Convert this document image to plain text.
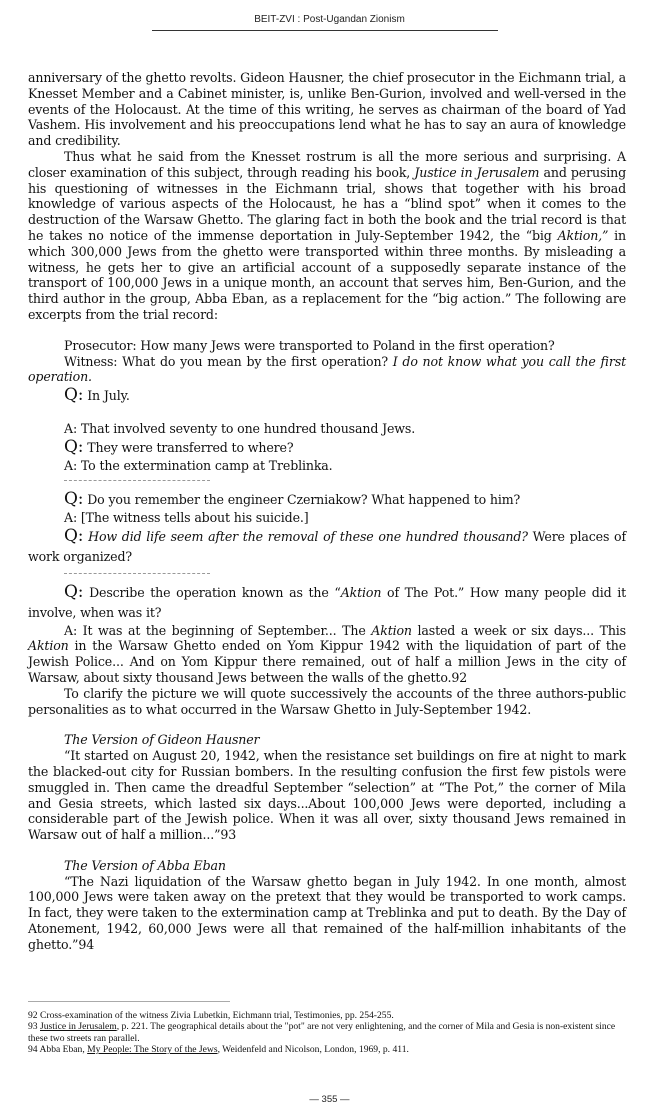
BEIT-ZVI : Post-Ugandan Zionism

anniversary of the ghetto revolts. Gideon Hausner, the chief prosecutor in the Eichmann trial, a Knesset Member and a Cabinet minister, is, unlike Ben-Gurion, involved and well-versed in the events of the Holocaust. At the time of this writing, he serves as chairman of the board of Yad Vashem. His involvement and his preoccupations lend what he has to say an aura of knowledge and credibility.

Thus what he said from the Knesset rostrum is all the more serious and surprising. A closer examination of this subject, through reading his book, Justice in Jerusalem and perusing his questioning of witnesses in the Eichmann trial, shows that together with his broad knowledge of various aspects of the Holocaust, he has a “blind spot” when it comes to the destruction of the Warsaw Ghetto. The glaring fact in both the book and the trial record is that he takes no notice of the immense deportation in July-September 1942, the “big Aktion,” in which 300,000 Jews from the ghetto were transported within three months. By misleading a witness, he gets her to give an artificial account of a supposedly separate instance of the transport of 100,000 Jews in a unique month, an account that serves him, Ben-Gurion, and the third author in the group, Abba Eban, as a replacement for the “big action.” The following are excerpts from the trial record:

Prosecutor: How many Jews were transported to Poland in the first operation?

Witness: What do you mean by the first operation? I do not know what you call the first operation.

Q: In July.

A: That involved seventy to one hundred thousand Jews.

Q: They were transferred to where?

A: To the extermination camp at Treblinka.

Q: Do you remember the engineer Czerniakow? What happened to him?

A: [The witness tells about his suicide.]

Q: How did life seem after the removal of these one hundred thousand? Were places of work organized?

Q: Describe the operation known as the “Aktion of The Pot.” How many people did it involve, when was it?

A: It was at the beginning of September... The Aktion lasted a week or six days... This Aktion in the Warsaw Ghetto ended on Yom Kippur 1942 with the liquidation of part of the Jewish Police... And on Yom Kippur there remained, out of half a million Jews in the city of Warsaw, about sixty thousand Jews between the walls of the ghetto.92

To clarify the picture we will quote successively the accounts of the three authors-public personalities as to what occurred in the Warsaw Ghetto in July-September 1942.

The Version of Gideon Hausner

“It started on August 20, 1942, when the resistance set buildings on fire at night to mark the blacked-out city for Russian bombers. In the resulting confusion the first few pistols were smuggled in. Then came the dreadful September “selection” at “The Pot,” the corner of Mila and Gesia streets, which lasted six days...About 100,000 Jews were deported, including a considerable part of the Jewish police. When it was all over, sixty thousand Jews remained in Warsaw out of half a million...”93

The Version of Abba Eban

“The Nazi liquidation of the Warsaw ghetto began in July 1942. In one month, almost 100,000 Jews were taken away on the pretext that they would be transported to work camps. In fact, they were taken to the extermination camp at Treblinka and put to death. By the Day of Atonement, 1942, 60,000 Jews were all that remained of the half-million inhabitants of the ghetto.”94

92 Cross-examination of the witness Zivia Lubetkin, Eichmann trial, Testimonies, pp. 254-255.

93 Justice in Jerusalem, p. 221. The geographical details about the "pot" are not very enlightening, and the corner of Mila and Gesia is non-existent since these two streets ran parallel.

94 Abba Eban, My People: The Story of the Jews, Weidenfeld and Nicolson, London, 1969, p. 411.

— 355 —
